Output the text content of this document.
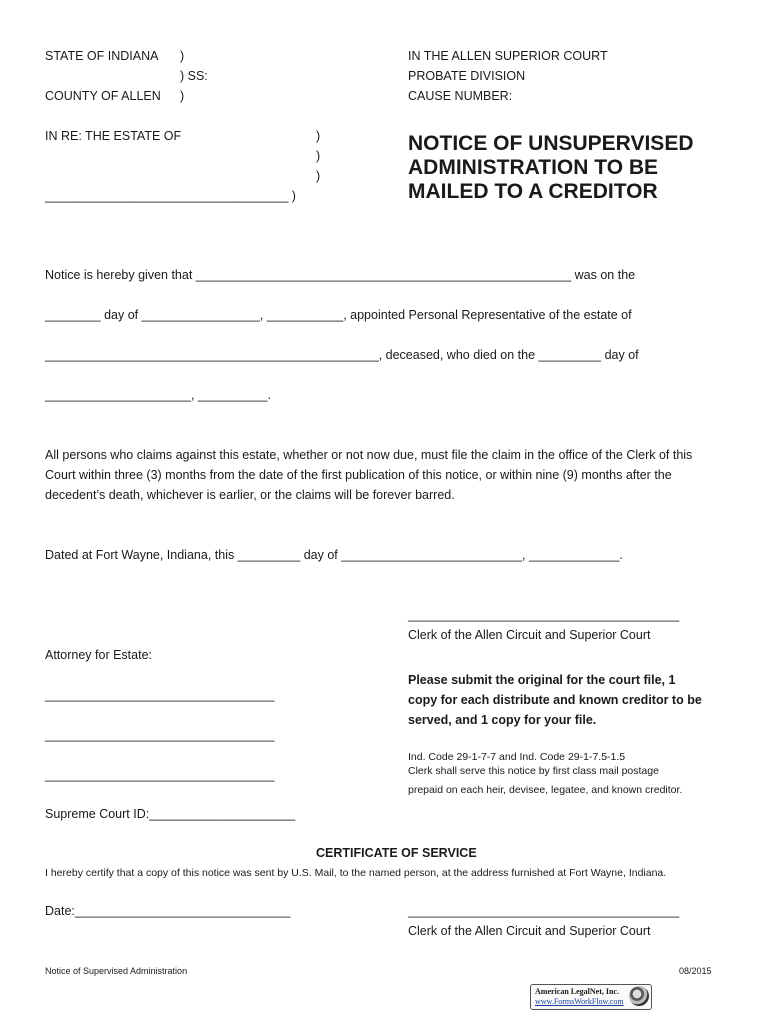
STATE OF INDIANA )
) SS:
COUNTY OF ALLEN )
IN THE ALLEN SUPERIOR COURT
PROBATE DIVISION
CAUSE NUMBER:
IN RE: THE ESTATE OF	)
)
)
___________________________________ )
NOTICE OF UNSUPERVISED ADMINISTRATION TO BE MAILED TO A CREDITOR
Notice is hereby given that ______________________________________________________ was on the
________ day of _________________, ___________, appointed Personal Representative of the estate of
________________________________________________, deceased, who died on the _________ day of
_____________________, __________.
All persons who claims against this estate, whether or not now due, must file the claim in the office of the Clerk of this Court within three (3) months from the date of the first publication of this notice, or within nine (9) months after the decedent’s death, whichever is earlier, or the claims will be forever barred.
Dated at Fort Wayne, Indiana, this _________ day of __________________________, _____________.
_______________________________________
Clerk of the Allen Circuit and Superior Court
Attorney for Estate:
_________________________________
_________________________________
_________________________________
Supreme Court ID:_____________________
Please submit the original for the court file, 1 copy for each distribute and known creditor to be served, and 1 copy for your file.
Ind. Code 29-1-7-7 and Ind. Code 29-1-7.5-1.5
Clerk shall serve this notice by first class mail postage prepaid on each heir, devisee, legatee, and known creditor.
CERTIFICATE OF SERVICE
I hereby certify that a copy of this notice was sent by U.S. Mail, to the named person, at the address furnished at Fort Wayne, Indiana.
Date:_______________________________	_______________________________________
Clerk of the Allen Circuit and Superior Court
Notice of Supervised Administration	08/2015
American LegalNet, Inc.
www.FormsWorkFlow.com
